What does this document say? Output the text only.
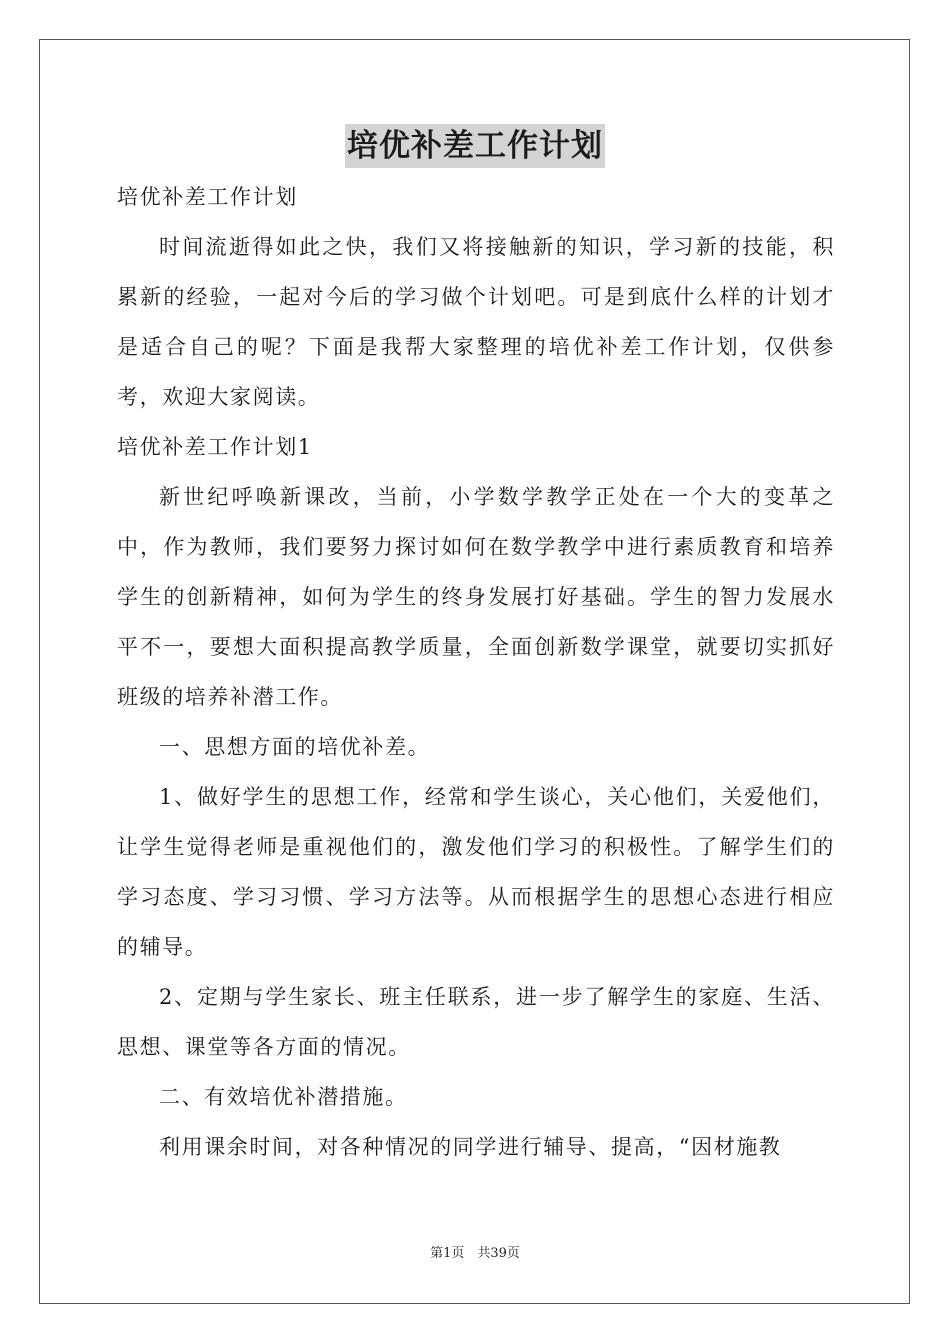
培优补差工作计划

培优补差工作计划

时间流逝得如此之快，我们又将接触新的知识，学习新的技能，积累新的经验，一起对今后的学习做个计划吧。可是到底什么样的计划才是适合自己的呢？下面是我帮大家整理的培优补差工作计划，仅供参考，欢迎大家阅读。

培优补差工作计划1

新世纪呼唤新课改，当前，小学数学教学正处在一个大的变革之中，作为教师，我们要努力探讨如何在数学教学中进行素质教育和培养学生的创新精神，如何为学生的终身发展打好基础。学生的智力发展水平不一，要想大面积提高教学质量，全面创新数学课堂，就要切实抓好班级的培养补潜工作。

一、思想方面的培优补差。

1、做好学生的思想工作，经常和学生谈心，关心他们，关爱他们，让学生觉得老师是重视他们的，激发他们学习的积极性。了解学生们的学习态度、学习习惯、学习方法等。从而根据学生的思想心态进行相应的辅导。

2、定期与学生家长、班主任联系，进一步了解学生的家庭、生活、思想、课堂等各方面的情况。

二、有效培优补潜措施。

利用课余时间，对各种情况的同学进行辅导、提高，“因材施教

第1页　共39页
